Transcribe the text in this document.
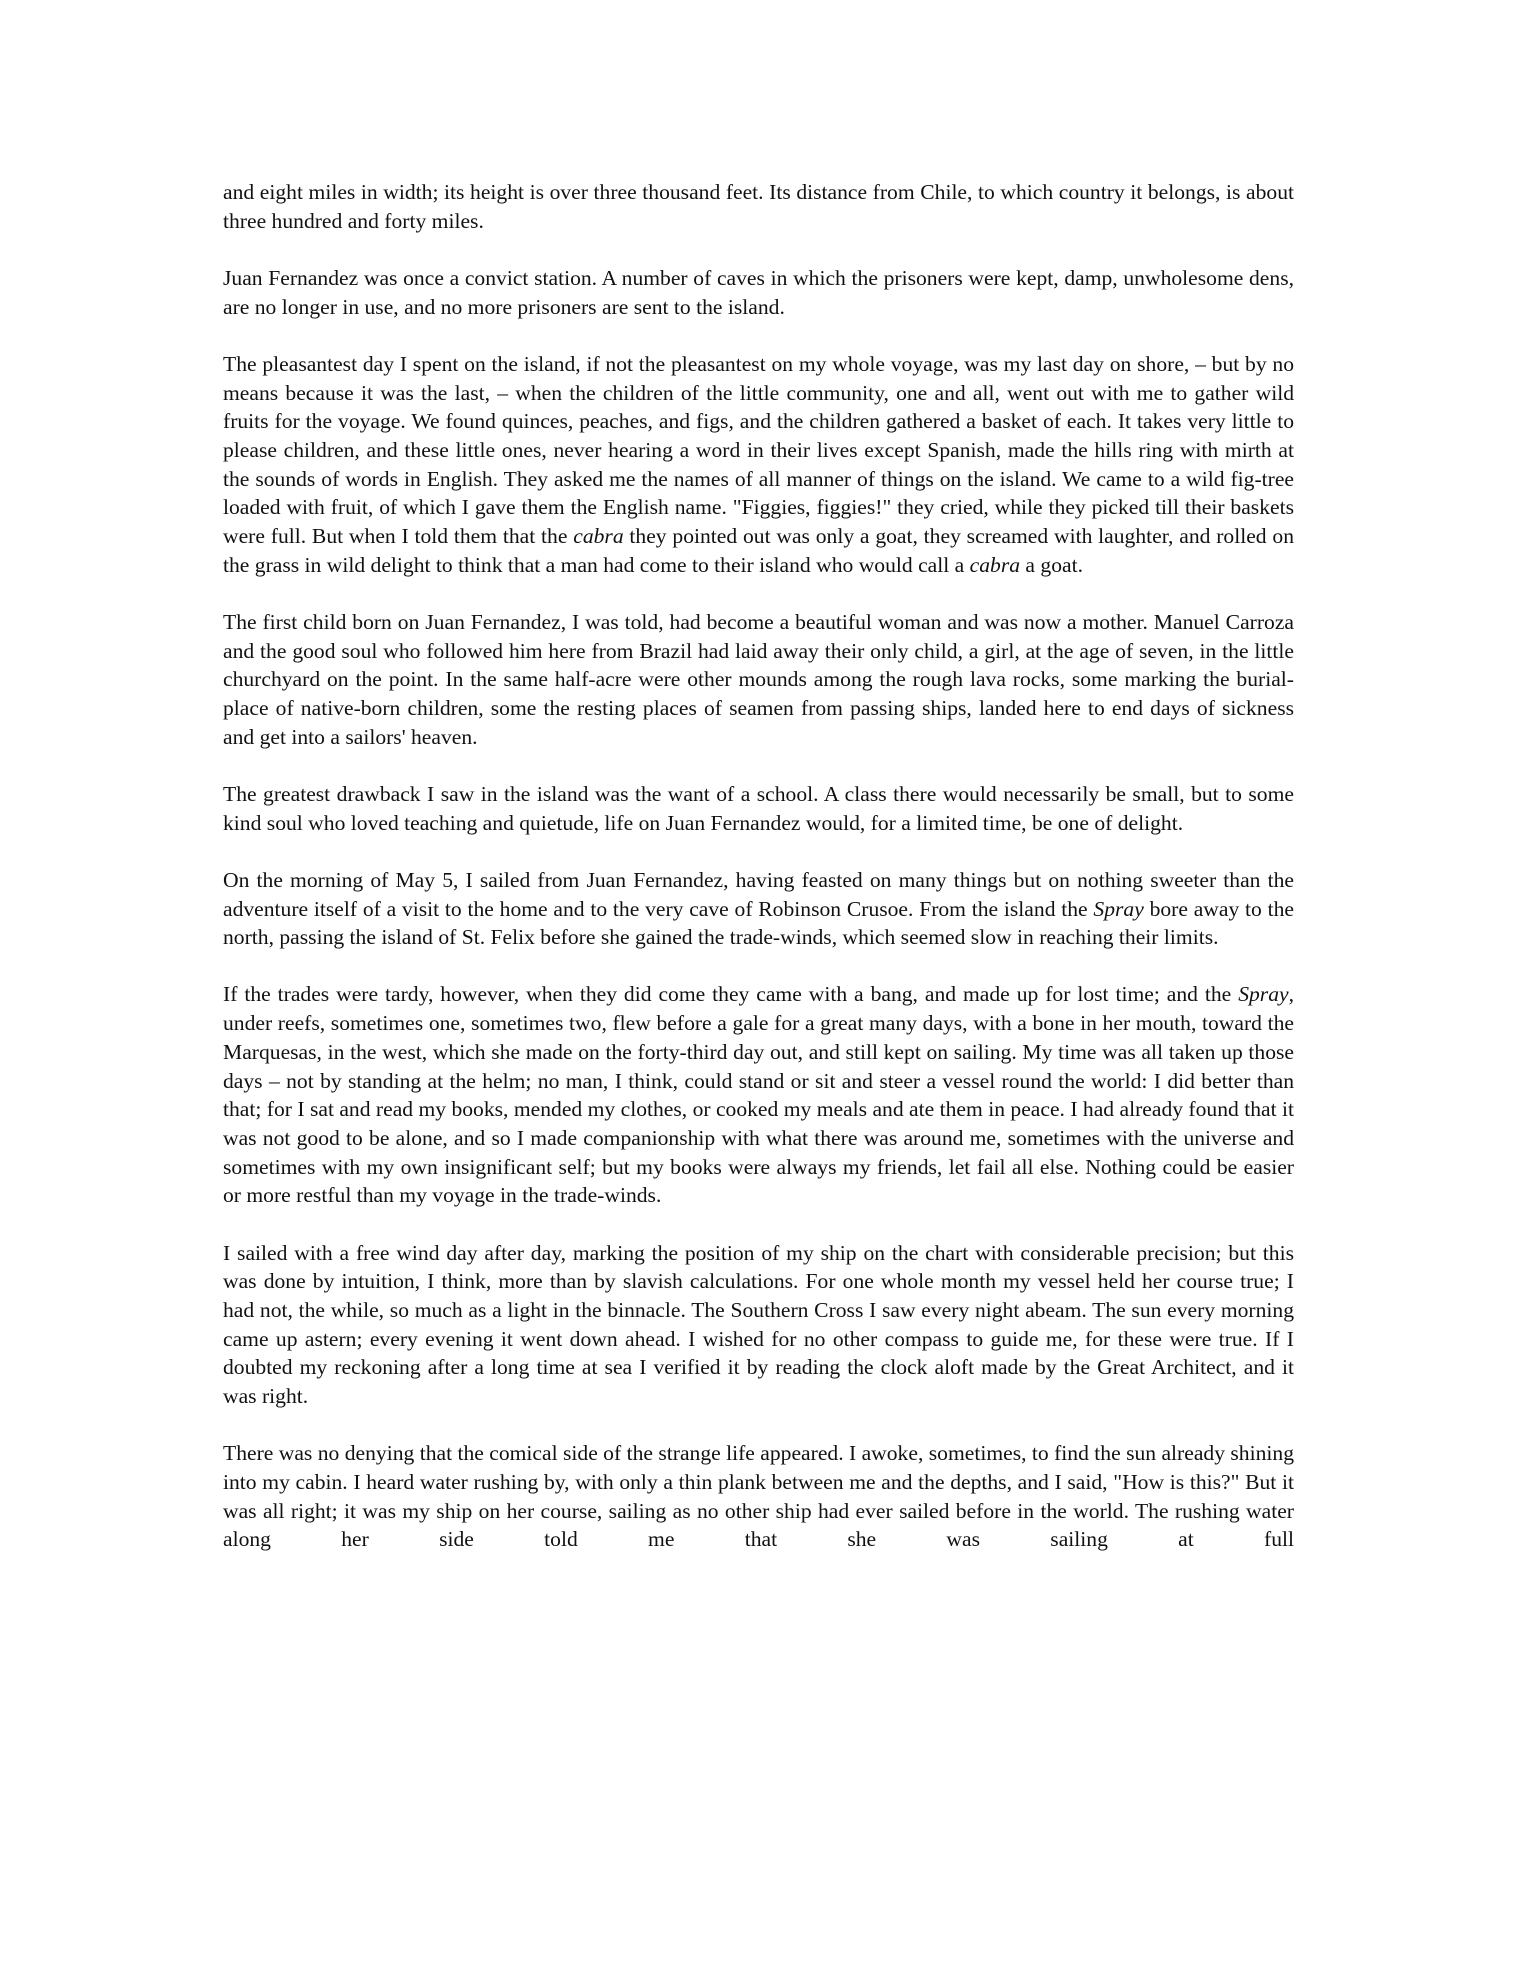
and eight miles in width; its height is over three thousand feet. Its distance from Chile, to which country it belongs, is about three hundred and forty miles.

Juan Fernandez was once a convict station. A number of caves in which the prisoners were kept, damp, unwholesome dens, are no longer in use, and no more prisoners are sent to the island.

The pleasantest day I spent on the island, if not the pleasantest on my whole voyage, was my last day on shore, – but by no means because it was the last, – when the children of the little community, one and all, went out with me to gather wild fruits for the voyage. We found quinces, peaches, and figs, and the children gathered a basket of each. It takes very little to please children, and these little ones, never hearing a word in their lives except Spanish, made the hills ring with mirth at the sounds of words in English. They asked me the names of all manner of things on the island. We came to a wild fig-tree loaded with fruit, of which I gave them the English name. "Figgies, figgies!" they cried, while they picked till their baskets were full. But when I told them that the cabra they pointed out was only a goat, they screamed with laughter, and rolled on the grass in wild delight to think that a man had come to their island who would call a cabra a goat.

The first child born on Juan Fernandez, I was told, had become a beautiful woman and was now a mother. Manuel Carroza and the good soul who followed him here from Brazil had laid away their only child, a girl, at the age of seven, in the little churchyard on the point. In the same half-acre were other mounds among the rough lava rocks, some marking the burial-place of native-born children, some the resting places of seamen from passing ships, landed here to end days of sickness and get into a sailors' heaven.

The greatest drawback I saw in the island was the want of a school. A class there would necessarily be small, but to some kind soul who loved teaching and quietude, life on Juan Fernandez would, for a limited time, be one of delight.

On the morning of May 5, I sailed from Juan Fernandez, having feasted on many things but on nothing sweeter than the adventure itself of a visit to the home and to the very cave of Robinson Crusoe. From the island the Spray bore away to the north, passing the island of St. Felix before she gained the trade-winds, which seemed slow in reaching their limits.

If the trades were tardy, however, when they did come they came with a bang, and made up for lost time; and the Spray, under reefs, sometimes one, sometimes two, flew before a gale for a great many days, with a bone in her mouth, toward the Marquesas, in the west, which she made on the forty-third day out, and still kept on sailing. My time was all taken up those days – not by standing at the helm; no man, I think, could stand or sit and steer a vessel round the world: I did better than that; for I sat and read my books, mended my clothes, or cooked my meals and ate them in peace. I had already found that it was not good to be alone, and so I made companionship with what there was around me, sometimes with the universe and sometimes with my own insignificant self; but my books were always my friends, let fail all else. Nothing could be easier or more restful than my voyage in the trade-winds.

I sailed with a free wind day after day, marking the position of my ship on the chart with considerable precision; but this was done by intuition, I think, more than by slavish calculations. For one whole month my vessel held her course true; I had not, the while, so much as a light in the binnacle. The Southern Cross I saw every night abeam. The sun every morning came up astern; every evening it went down ahead. I wished for no other compass to guide me, for these were true. If I doubted my reckoning after a long time at sea I verified it by reading the clock aloft made by the Great Architect, and it was right.

There was no denying that the comical side of the strange life appeared. I awoke, sometimes, to find the sun already shining into my cabin. I heard water rushing by, with only a thin plank between me and the depths, and I said, "How is this?" But it was all right; it was my ship on her course, sailing as no other ship had ever sailed before in the world. The rushing water along her side told me that she was sailing at full
